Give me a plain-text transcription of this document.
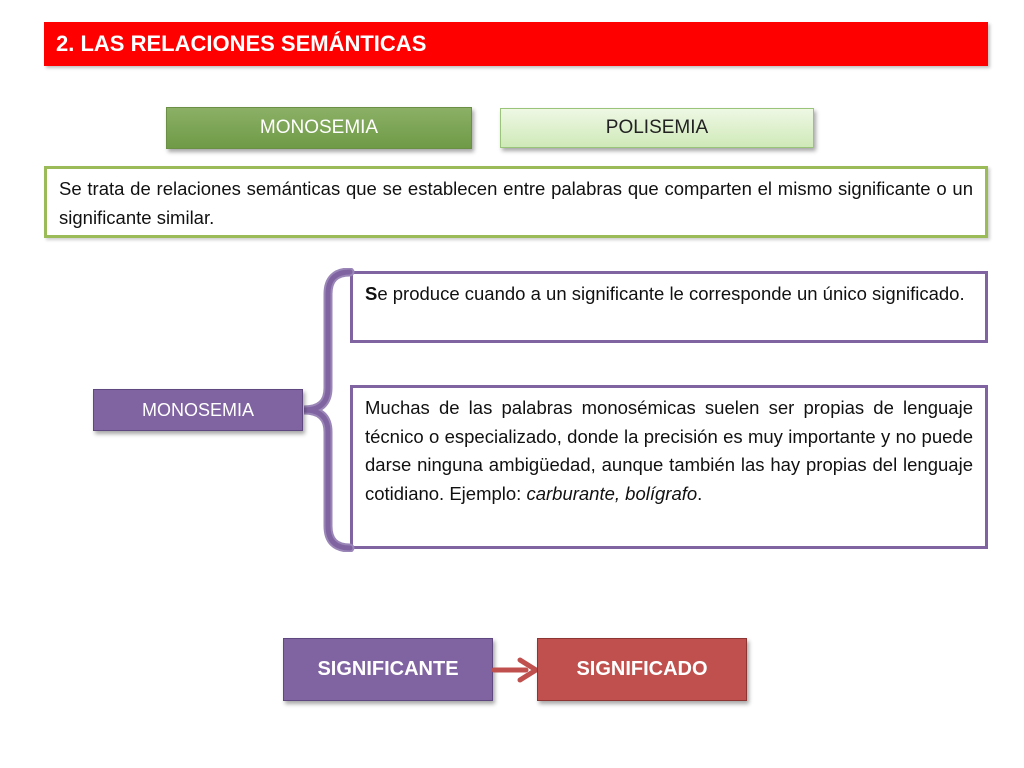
2. LAS RELACIONES SEMÁNTICAS
MONOSEMIA	POLISEMIA
Se trata de relaciones semánticas que se establecen entre palabras que comparten el mismo significante o un significante similar.
Se produce cuando a un significante le corresponde un único significado.
Muchas de las palabras monosémicas suelen ser propias de lenguaje técnico o especializado, donde la precisión es muy importante y no puede darse ninguna ambigüedad, aunque también las hay propias del lenguaje cotidiano. Ejemplo: carburante, bolígrafo.
MONOSEMIA
SIGNIFICANTE	SIGNIFICADO
